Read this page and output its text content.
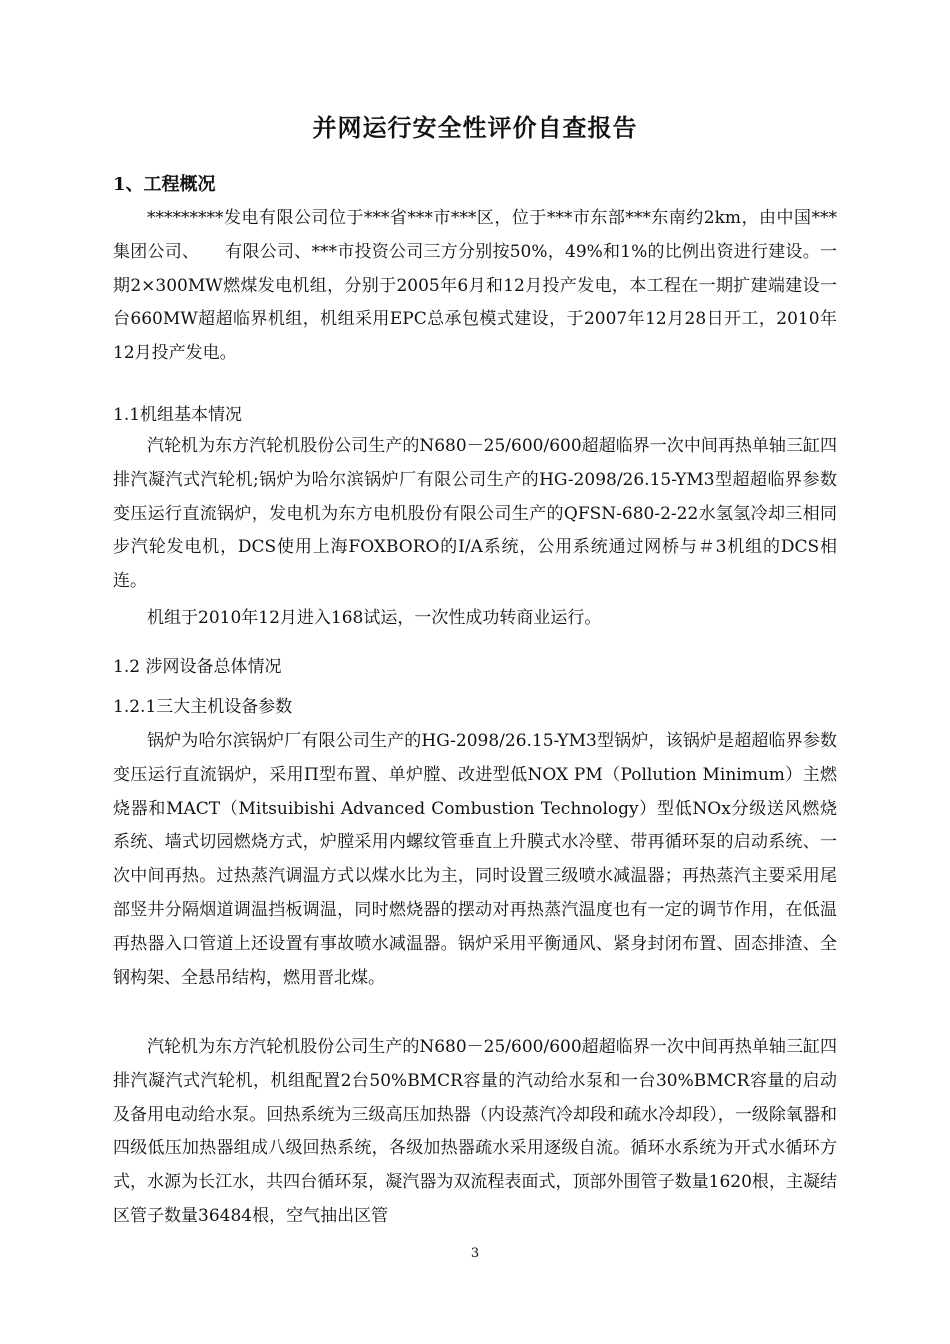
并网运行安全性评价自查报告
1、工程概况

*********发电有限公司位于***省***市***区，位于***市东部***东南约2km，由中国***集团公司、　　有限公司、***市投资公司三方分别按50%，49%和1%的比例出资进行建设。一期2×300MW燃煤发电机组，分别于2005年6月和12月投产发电，本工程在一期扩建端建设一台660MW超超临界机组，机组采用EPC总承包模式建设，于2007年12月28日开工，2010年12月投产发电。

1.1机组基本情况

汽轮机为东方汽轮机股份公司生产的N680－25/600/600超超临界一次中间再热单轴三缸四排汽凝汽式汽轮机;锅炉为哈尔滨锅炉厂有限公司生产的HG-2098/26.15-YM3型超超临界参数变压运行直流锅炉，发电机为东方电机股份有限公司生产的QFSN-680-2-22水氢氢冷却三相同步汽轮发电机，DCS使用上海FOXBORO的I/A系统，公用系统通过网桥与＃3机组的DCS相连。

机组于2010年12月进入168试运，一次性成功转商业运行。

1.2 涉网设备总体情况
1.2.1三大主机设备参数

锅炉为哈尔滨锅炉厂有限公司生产的HG-2098/26.15-YM3型锅炉，该锅炉是超超临界参数变压运行直流锅炉，采用Π型布置、单炉膛、改进型低NOX PM（Pollution Minimum）主燃烧器和MACT（Mitsuibishi Advanced Combustion Technology）型低NOx分级送风燃烧系统、墙式切园燃烧方式，炉膛采用内螺纹管垂直上升膜式水冷壁、带再循环泵的启动系统、一次中间再热。过热蒸汽调温方式以煤水比为主，同时设置三级喷水减温器；再热蒸汽主要采用尾部竖井分隔烟道调温挡板调温，同时燃烧器的摆动对再热蒸汽温度也有一定的调节作用，在低温再热器入口管道上还设置有事故喷水减温器。锅炉采用平衡通风、紧身封闭布置、固态排渣、全钢构架、全悬吊结构，燃用晋北煤。

汽轮机为东方汽轮机股份公司生产的N680－25/600/600超超临界一次中间再热单轴三缸四排汽凝汽式汽轮机，机组配置2台50%BMCR容量的汽动给水泵和一台30%BMCR容量的启动及备用电动给水泵。回热系统为三级高压加热器（内设蒸汽冷却段和疏水冷却段），一级除氧器和四级低压加热器组成八级回热系统，各级加热器疏水采用逐级自流。循环水系统为开式水循环方式，水源为长江水，共四台循环泵，凝汽器为双流程表面式，顶部外围管子数量1620根，主凝结区管子数量36484根，空气抽出区管

3
